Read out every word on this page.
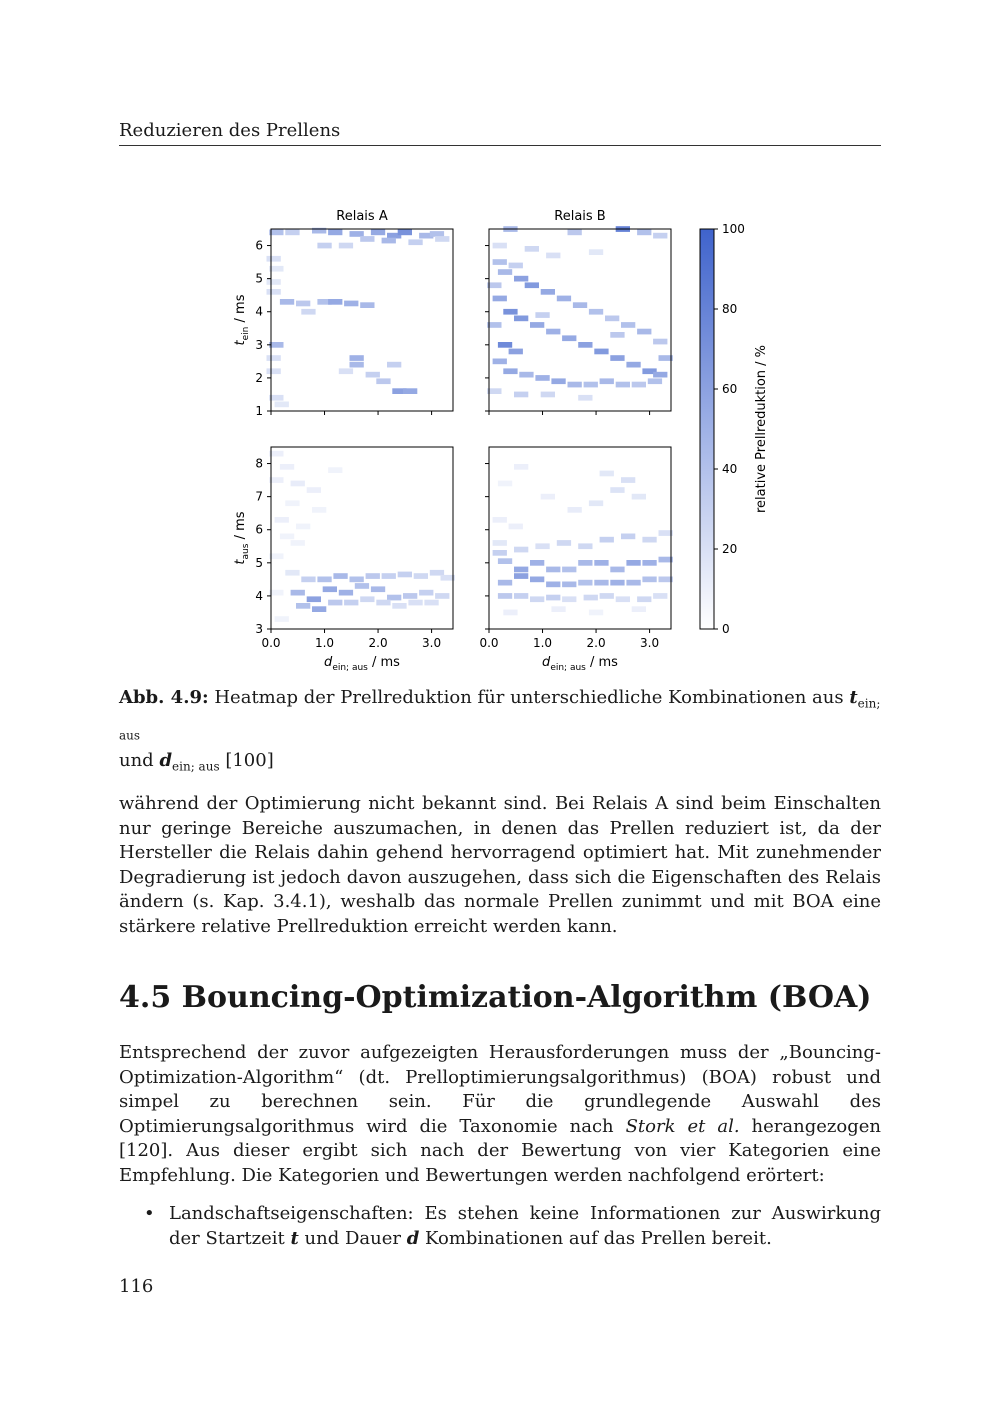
Reduzieren des Prellens
6
5
4
3
2
1
0.0	1.0	2.0	3.0
8
7
6
5
4
3
0.0	1.0	2.0	3.0
Relais A	Relais B
$t_{ein}$ / ms
$t_{aus}$ / ms
$d_{ein; aus}$ / ms	$d_{ein; aus}$ / ms
100
80
60
40
20
0
relative Prellreduktion / %
Abb. 4.9: Heatmap der Prellreduktion für unterschiedliche Kombinationen aus $t_{ein; aus}$
und $d_{ein; aus}$ [100]

während der Optimierung nicht bekannt sind. Bei Relais A sind beim Einschalten nur geringe Bereiche auszumachen, in denen das Prellen reduziert ist, da der Hersteller die Relais dahin gehend hervorragend optimiert hat. Mit zunehmender Degradierung ist jedoch davon auszugehen, dass sich die Eigenschaften des Relais ändern (s. Kap. 3.4.1), weshalb das normale Prellen zunimmt und mit BOA eine stärkere relative Prellreduktion erreicht werden kann.

4.5 Bouncing-Optimization-Algorithm (BOA)

Entsprechend der zuvor aufgezeigten Herausforderungen muss der „Bouncing-Optimization-Algorithm“ (dt. Prelloptimierungsalgorithmus) (BOA) robust und simpel zu berechnen sein. Für die grundlegende Auswahl des Optimierungsalgorithmus wird die Taxonomie nach Stork et al. herangezogen [120]. Aus dieser ergibt sich nach der Bewertung von vier Kategorien eine Empfehlung. Die Kategorien und Bewertungen werden nachfolgend erörtert:

• Landschaftseigenschaften: Es stehen keine Informationen zur Auswirkung der Startzeit t und Dauer d Kombinationen auf das Prellen bereit.
116
